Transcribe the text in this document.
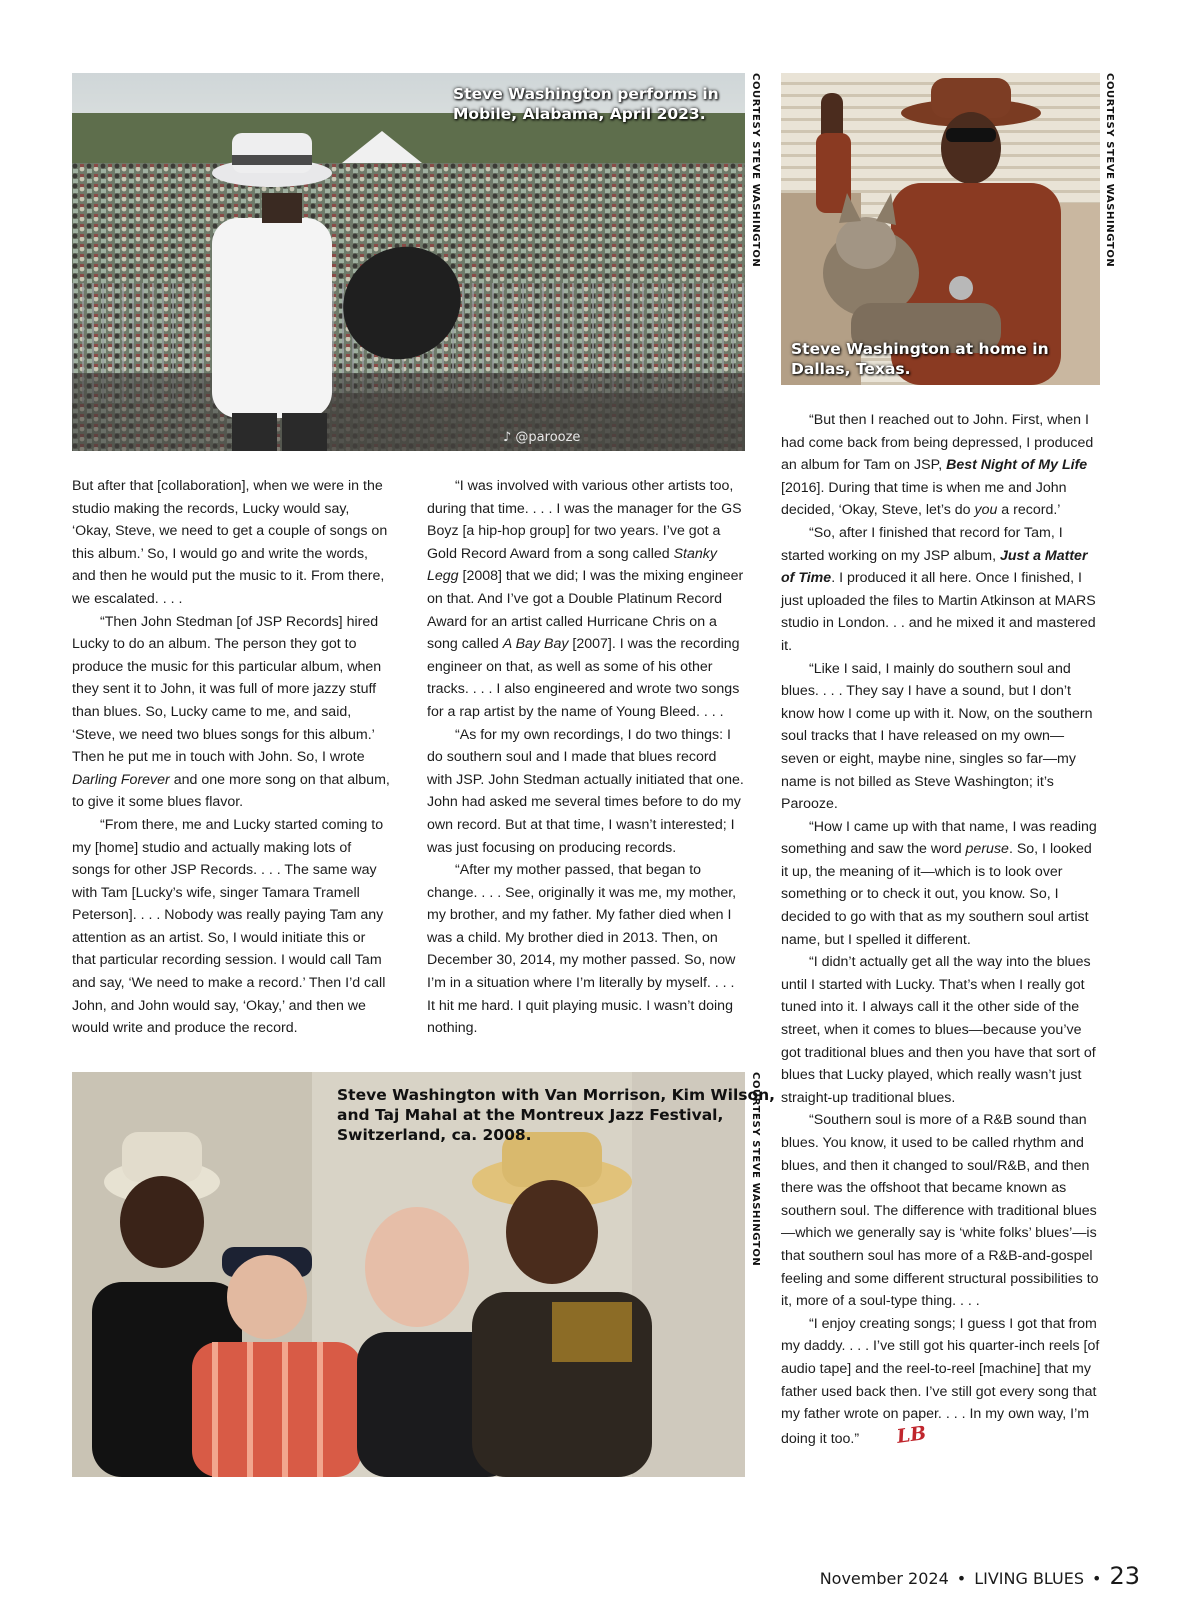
Steve Washington performs in
Mobile, Alabama, April 2023.
♪ @parooze
COURTESY STEVE WASHINGTON
Steve Washington at home in
Dallas, Texas.
COURTESY STEVE WASHINGTON
Steve Washington with Van Morrison, Kim Wilson,
and Taj Mahal at the Montreux Jazz Festival,
Switzerland, ca. 2008.	COURTESY STEVE WASHINGTON

But after that [collaboration], when we were in the studio making the records, Lucky would say, ‘Okay, Steve, we need to get a couple of songs on this album.’ So, I would go and write the words, and then he would put the music to it. From there, we escalated. . . .

“Then John Stedman [of JSP Records] hired Lucky to do an album. The person they got to produce the music for this particular album, when they sent it to John, it was full of more jazzy stuff than blues. So, Lucky came to me, and said, ‘Steve, we need two blues songs for this album.’ Then he put me in touch with John. So, I wrote Darling Forever and one more song on that album, to give it some blues flavor.

“From there, me and Lucky started coming to my [home] studio and actually making lots of songs for other JSP Records. . . . The same way with Tam [Lucky’s wife, singer Tamara Tramell Peterson]. . . . Nobody was really paying Tam any attention as an artist. So, I would initiate this or that particular recording session. I would call Tam and say, ‘We need to make a record.’ Then I’d call John, and John would say, ‘Okay,’ and then we would write and produce the record.

“I was involved with various other artists too, during that time. . . . I was the manager for the GS Boyz [a hip-hop group] for two years. I’ve got a Gold Record Award from a song called Stanky Legg [2008] that we did; I was the mixing engineer on that. And I’ve got a Double Platinum Record Award for an artist called Hurricane Chris on a song called A Bay Bay [2007]. I was the recording engineer on that, as well as some of his other tracks. . . . I also engineered and wrote two songs for a rap artist by the name of Young Bleed. . . .

“As for my own recordings, I do two things: I do southern soul and I made that blues record with JSP. John Stedman actually initiated that one. John had asked me several times before to do my own record. But at that time, I wasn’t interested; I was just focusing on producing records.

“After my mother passed, that began to change. . . . See, originally it was me, my mother, my brother, and my father. My father died when I was a child. My brother died in 2013. Then, on December 30, 2014, my mother passed. So, now I’m in a situation where I’m literally by myself. . . . It hit me hard. I quit playing music. I wasn’t doing nothing.

“But then I reached out to John. First, when I had come back from being depressed, I produced an album for Tam on JSP, Best Night of My Life [2016]. During that time is when me and John decided, ‘Okay, Steve, let’s do you a record.’

“So, after I finished that record for Tam, I started working on my JSP album, Just a Matter of Time. I produced it all here. Once I finished, I just uploaded the files to Martin Atkinson at MARS studio in London. . . and he mixed it and mastered it.

“Like I said, I mainly do southern soul and blues. . . . They say I have a sound, but I don’t know how I come up with it. Now, on the southern soul tracks that I have released on my own— seven or eight, maybe nine, singles so far—my name is not billed as Steve Washington; it’s Parooze.

“How I came up with that name, I was reading something and saw the word peruse. So, I looked it up, the meaning of it—which is to look over something or to check it out, you know. So, I decided to go with that as my southern soul artist name, but I spelled it different.

“I didn’t actually get all the way into the blues until I started with Lucky. That’s when I really got tuned into it. I always call it the other side of the street, when it comes to blues—because you’ve got traditional blues and then you have that sort of blues that Lucky played, which really wasn’t just straight-up traditional blues.

“Southern soul is more of a R&B sound than blues. You know, it used to be called rhythm and blues, and then it changed to soul/R&B, and then there was the offshoot that became known as southern soul. The difference with traditional blues—which we generally say is ‘white folks’ blues’—is that southern soul has more of a R&B-and-gospel feeling and some different structural possibilities to it, more of a soul-type thing. . . .

“I enjoy creating songs; I guess I got that from my daddy. . . . I’ve still got his quarter-inch reels [of audio tape] and the reel-to-reel [machine] that my father used back then. I’ve still got every song that my father wrote on paper. . . . In my own way, I’m doing it too.” LB

November 2024 • LIVING BLUES • 23
